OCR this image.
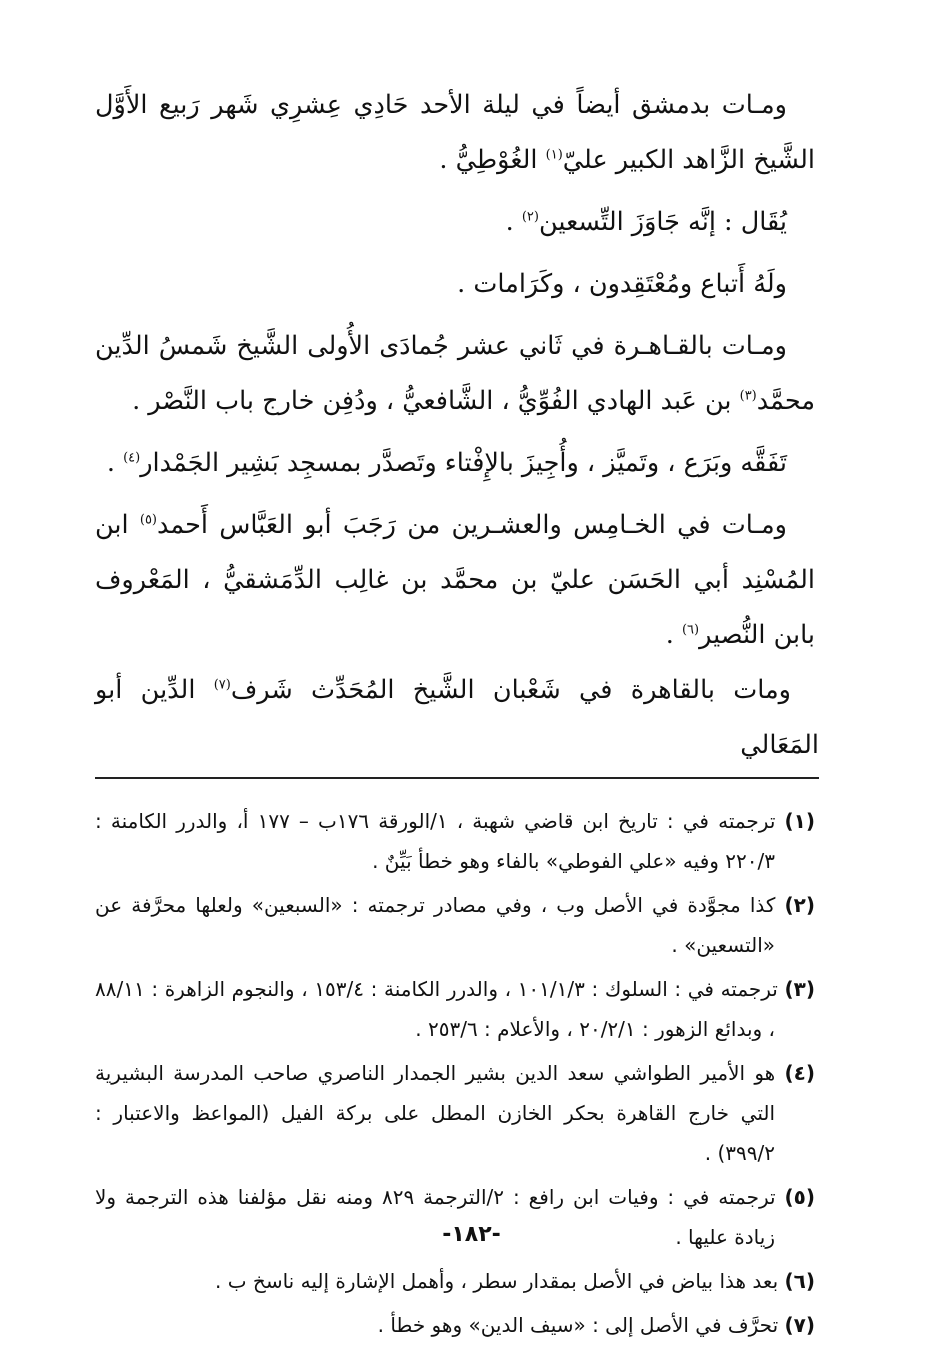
ومـات بدمشق أيضاً في ليلة الأحد حَادِي عِشرِي شَهر رَبيع الأَوَّل الشَّيخ الزَّاهد الكبير عليّ$^{(١)}$ الغُوْطِيُّ .

يُقَال : إنَّه جَاوَزَ التِّسعين$^{(٢)}$ .

ولَهُ أَتباع ومُعْتَقِدون ، وكَرَامات .

ومـات بالقـاهـرة في ثَاني عشر جُمادَى الأُولى الشَّيخ شَمسُ الدِّين محمَّد$^{(٣)}$ بن عَبد الهادي الفُوِّيُّ ، الشَّافعيُّ ، ودُفِن خارج باب النَّصْر .

تَفَقَّه وبَرَع ، وتَميَّز ، وأُجِيزَ بالإِفْتاء وتَصدَّر بمسجِد بَشِير الجَمْدار$^{(٤)}$ .

ومـات في الخـامِس والعشـرين من رَجَبَ أبو العَبَّاس أَحمد$^{(٥)}$ ابن المُسْنِد أبي الحَسَن عليّ بن محمَّد بن غالِب الدِّمَشقيُّ ، المَعْروف بابن النُّصير$^{(٦)}$ .

ومات بالقاهرة في شَعْبان الشَّيخ المُحَدِّث شَرف$^{(٧)}$ الدِّين أبو المَعَالي

(١) ترجمته في : تاريخ ابن قاضي شهبة ، ١/الورقة ١٧٦ب – ١٧٧ أ، والدرر الكامنة : ٢٢٠/٣ وفيه «علي الفوطي» بالفاء وهو خطأ بَيِّنٌ .

(٢) كذا مجوَّدة في الأصل وب ، وفي مصادر ترجمته : «السبعين» ولعلها محرَّفة عن «التسعين» .

(٣) ترجمته في : السلوك : ١٠١/١/٣ ، والدرر الكامنة : ١٥٣/٤ ، والنجوم الزاهرة : ٨٨/١١ ، وبدائع الزهور : ٢٠/٢/١ ، والأعلام : ٢٥٣/٦ .

(٤) هو الأمير الطواشي سعد الدين بشير الجمدار الناصري صاحب المدرسة البشيرية التي خارج القاهرة بحكر الخازن المطل على بركة الفيل (المواعظ والاعتبار : ٣٩٩/٢) .

(٥) ترجمته في : وفيات ابن رافع : ٢/الترجمة ٨٢٩ ومنه نقل مؤلفنا هذه الترجمة ولا زيادة عليها .

(٦) بعد هذا بياض في الأصل بمقدار سطر ، وأهمل الإشارة إليه ناسخ ب .

(٧) تحرَّف في الأصل إلى : «سيف الدين» وهو خطأ .

-١٨٢-
